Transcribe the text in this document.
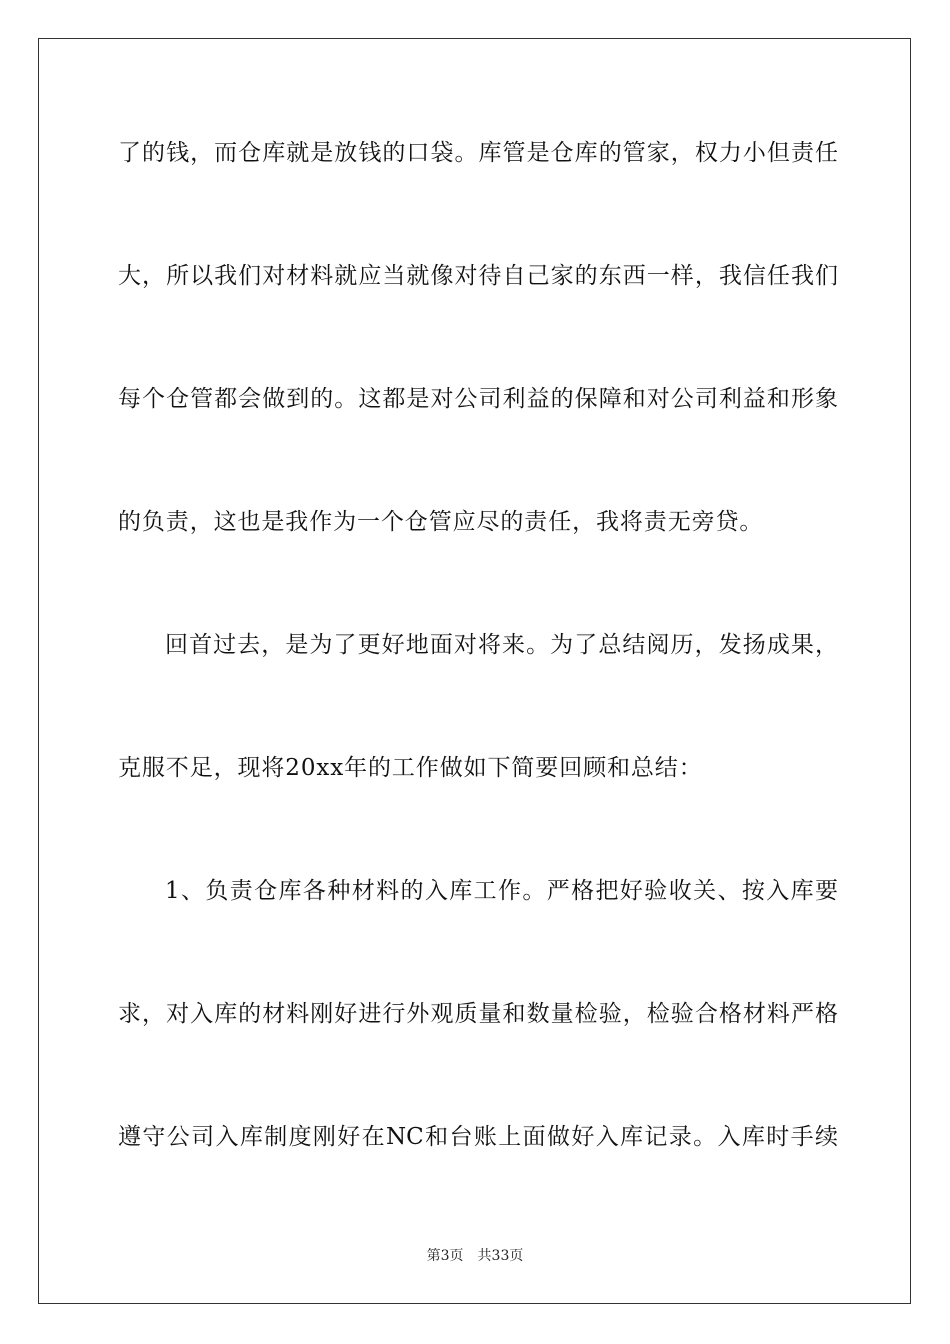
了的钱，而仓库就是放钱的口袋。库管是仓库的管家，权力小但责任
大，所以我们对材料就应当就像对待自己家的东西一样，我信任我们
每个仓管都会做到的。这都是对公司利益的保障和对公司利益和形象
的负责，这也是我作为一个仓管应尽的责任，我将责无旁贷。
回首过去，是为了更好地面对将来。为了总结阅历，发扬成果，
克服不足，现将20xx年的工作做如下简要回顾和总结：
1、负责仓库各种材料的入库工作。严格把好验收关、按入库要
求，对入库的材料刚好进行外观质量和数量检验，检验合格材料严格
遵守公司入库制度刚好在NC和台账上面做好入库记录。入库时手续
第3页 共33页
